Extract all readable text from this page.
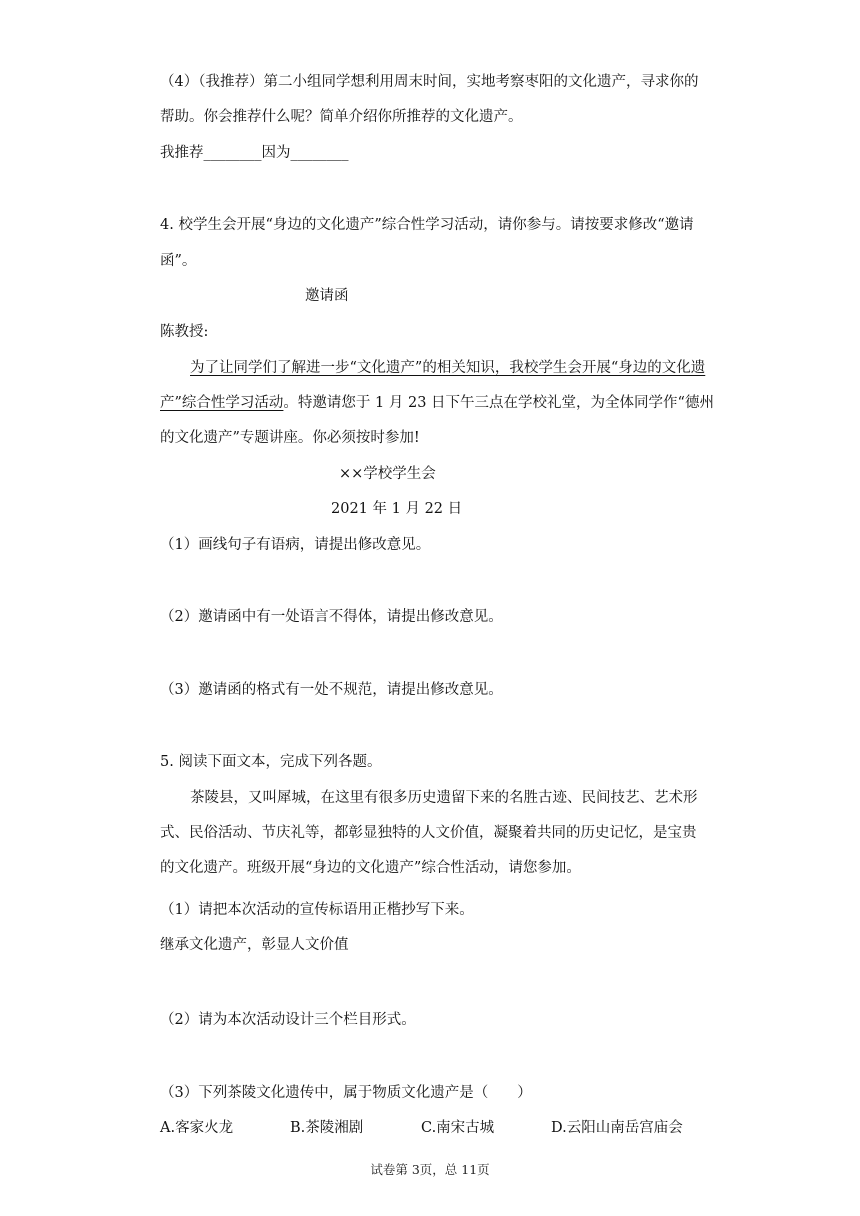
（4）（我推荐）第二小组同学想利用周末时间，实地考察枣阳的文化遗产，寻求你的
帮助。你会推荐什么呢？简单介绍你所推荐的文化遗产。
我推荐________因为________
4. 校学生会开展“身边的文化遗产”综合性学习活动，请你参与。请按要求修改“邀请
函”。
邀请函
陈教授:
为了让同学们了解进一步“文化遗产”的相关知识，我校学生会开展“身边的文化遗
产”综合性学习活动。特邀请您于 1 月 23 日下午三点在学校礼堂，为全体同学作“德州
的文化遗产”专题讲座。你必须按时参加!
××学校学生会
2021 年 1 月 22 日
（1）画线句子有语病，请提出修改意见。
（2）邀请函中有一处语言不得体，请提出修改意见。
（3）邀请函的格式有一处不规范，请提出修改意见。
5. 阅读下面文本，完成下列各题。
茶陵县，又叫犀城，在这里有很多历史遗留下来的名胜古迹、民间技艺、艺术形
式、民俗活动、节庆礼等，都彰显独特的人文价值，凝聚着共同的历史记忆，是宝贵
的文化遗产。班级开展“身边的文化遗产”综合性活动，请您参加。
（1）请把本次活动的宣传标语用正楷抄写下来。
继承文化遗产，彰显人文价值
（2）请为本次活动设计三个栏目形式。
（3）下列茶陵文化遗传中，属于物质文化遗产是（　　）
A.客家火龙	B.茶陵湘剧	C.南宋古城	D.云阳山南岳宫庙会
试卷第 3页，总 11页
